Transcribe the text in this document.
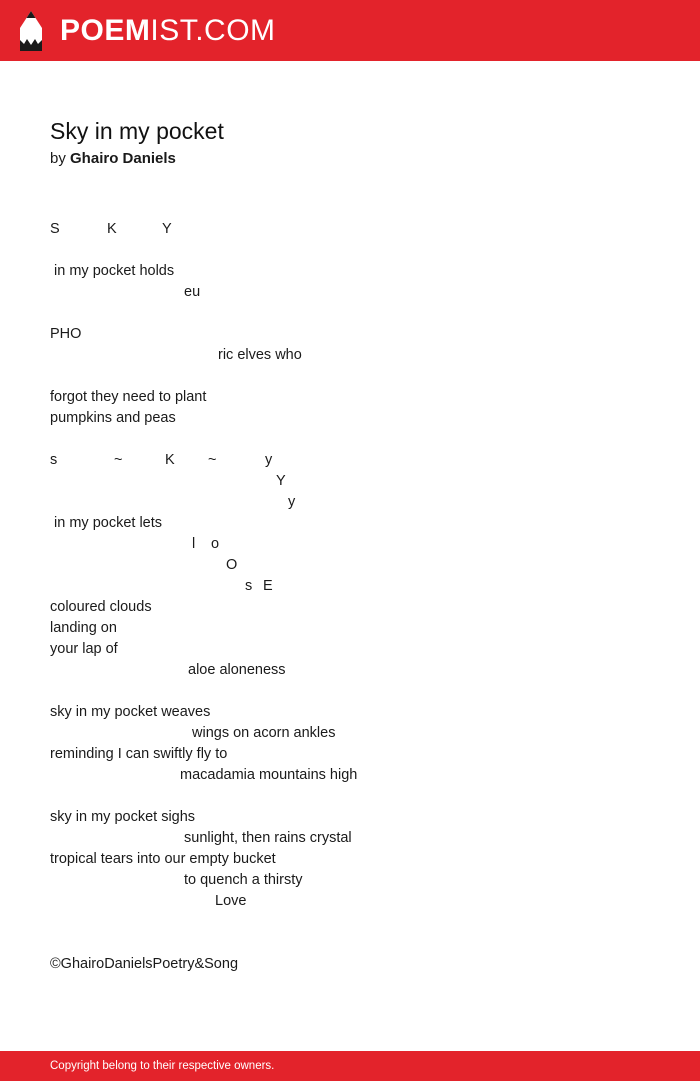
POEMIST.COM
Sky in my pocket
by Ghairo Daniels
S	K	Y
in my pocket holds
eu
PHO
ric elves who
forgot they need to plant
pumpkins and peas
s	~	K ~	y
Y
y
in my pocket lets
l o
O
s E
coloured clouds
landing on
your lap of
aloe aloneness
sky in my pocket weaves
wings on acorn ankles
reminding I can swiftly fly to
macadamia mountains high
sky in my pocket sighs
sunlight, then rains crystal
tropical tears into our empty bucket
to quench a thirsty
Love
©GhairoDanielsPoetry&Song
Copyright belong to their respective owners.
